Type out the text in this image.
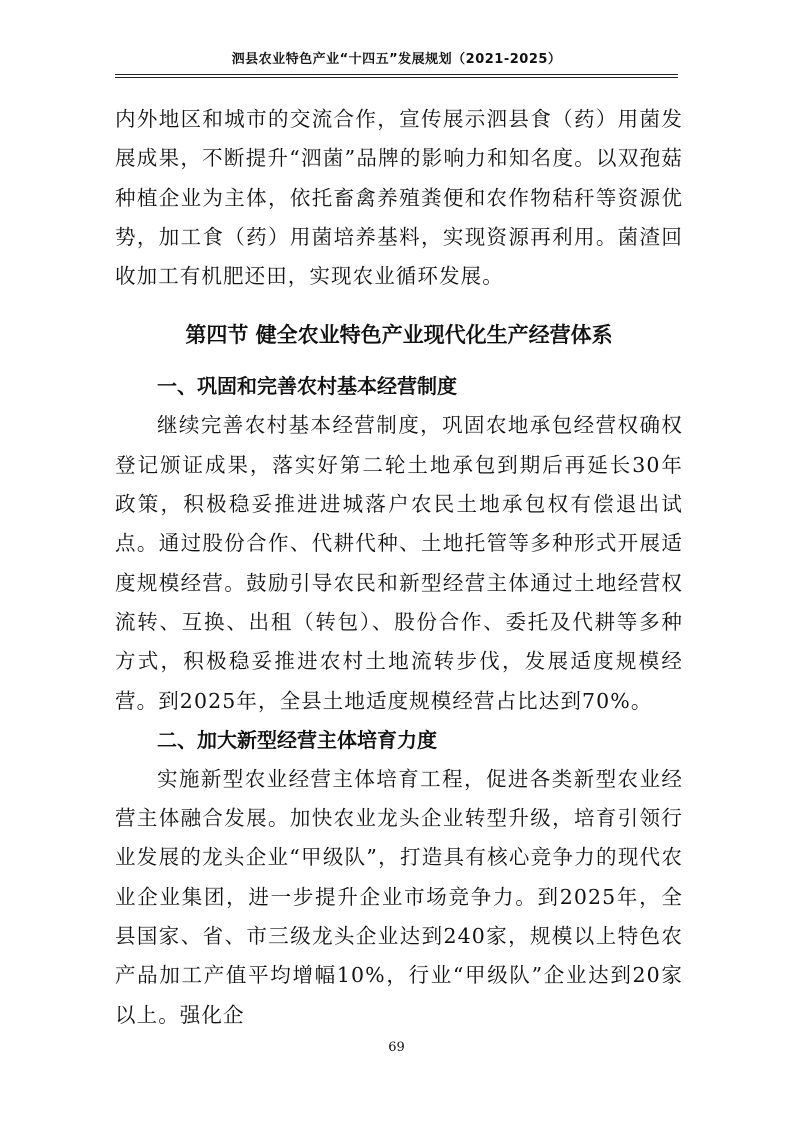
泗县农业特色产业“十四五”发展规划（2021-2025）

内外地区和城市的交流合作，宣传展示泗县食（药）用菌发展成果，不断提升“泗菌”品牌的影响力和知名度。以双孢菇种植企业为主体，依托畜禽养殖粪便和农作物秸秆等资源优势，加工食（药）用菌培养基料，实现资源再利用。菌渣回收加工有机肥还田，实现农业循环发展。

第四节 健全农业特色产业现代化生产经营体系
一、巩固和完善农村基本经营制度

继续完善农村基本经营制度，巩固农地承包经营权确权登记颁证成果，落实好第二轮土地承包到期后再延长30年政策，积极稳妥推进进城落户农民土地承包权有偿退出试点。通过股份合作、代耕代种、土地托管等多种形式开展适度规模经营。鼓励引导农民和新型经营主体通过土地经营权流转、互换、出租（转包）、股份合作、委托及代耕等多种方式，积极稳妥推进农村土地流转步伐，发展适度规模经营。到2025年，全县土地适度规模经营占比达到70%。

二、加大新型经营主体培育力度

实施新型农业经营主体培育工程，促进各类新型农业经营主体融合发展。加快农业龙头企业转型升级，培育引领行业发展的龙头企业“甲级队”，打造具有核心竞争力的现代农业企业集团，进一步提升企业市场竞争力。到2025年，全县国家、省、市三级龙头企业达到240家，规模以上特色农产品加工产值平均增幅10%，行业“甲级队”企业达到20家以上。强化企

69
